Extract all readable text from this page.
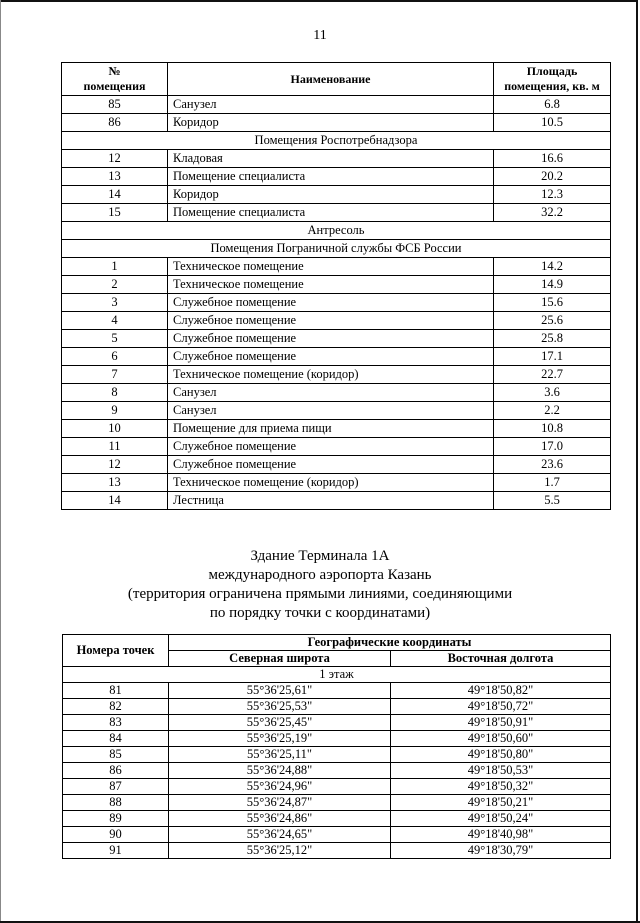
11
№
помещения	Наименование	Площадь
помещения, кв. м
85	Санузел	6.8
86	Коридор	10.5
Помещения Роспотребнадзора		
12	Кладовая	16.6
13	Помещение специалиста	20.2
14	Коридор	12.3
15	Помещение специалиста	32.2
Антресоль		
Помещения Пограничной службы ФСБ России		
1	Техническое помещение	14.2
2	Техническое помещение	14.9
3	Служебное помещение	15.6
4	Служебное помещение	25.6
5	Служебное помещение	25.8
6	Служебное помещение	17.1
7	Техническое помещение (коридор)	22.7
8	Санузел	3.6
9	Санузел	2.2
10	Помещение для приема пищи	10.8
11	Служебное помещение	17.0
12	Служебное помещение	23.6
13	Техническое помещение (коридор)	1.7
14	Лестница	5.5
Здание Терминала 1А
международного аэропорта Казань
(территория ограничена прямыми линиями, соединяющими
по порядку точки с координатами)
Номера точек	Географические координаты	
	Северная широта	Восточная долгота
1 этаж		
81	55°36'25,61"	49°18'50,82"
82	55°36'25,53"	49°18'50,72"
83	55°36'25,45"	49°18'50,91"
84	55°36'25,19"	49°18'50,60"
85	55°36'25,11"	49°18'50,80"
86	55°36'24,88"	49°18'50,53"
87	55°36'24,96"	49°18'50,32"
88	55°36'24,87"	49°18'50,21"
89	55°36'24,86"	49°18'50,24"
90	55°36'24,65"	49°18'40,98"
91	55°36'25,12"	49°18'30,79"
